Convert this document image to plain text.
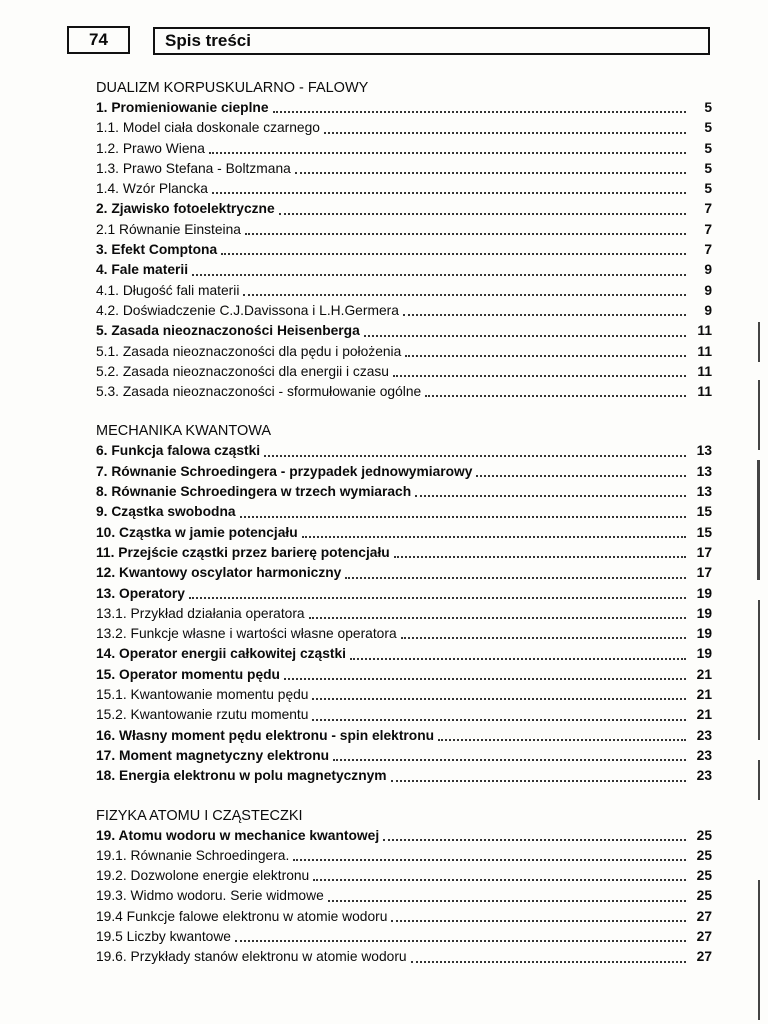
74	Spis treści
DUALIZM KORPUSKULARNO - FALOWY
1. Promieniowanie cieplne	5
1.1. Model ciała doskonale czarnego	5
1.2. Prawo Wiena	5
1.3. Prawo Stefana - Boltzmana	5
1.4. Wzór Plancka	5
2. Zjawisko fotoelektryczne	7
2.1 Równanie Einsteina	7
3. Efekt Comptona	7
4. Fale materii	9
4.1. Długość fali materii	9
4.2. Doświadczenie C.J.Davissona i L.H.Germera	9
5. Zasada nieoznaczoności Heisenberga	11
5.1. Zasada nieoznaczoności dla pędu i położenia	11
5.2. Zasada nieoznaczoności dla energii i czasu	11
5.3. Zasada nieoznaczoności - sformułowanie ogólne	11
MECHANIKA KWANTOWA
6. Funkcja falowa cząstki	13
7. Równanie Schroedingera - przypadek jednowymiarowy	13
8. Równanie Schroedingera w trzech wymiarach	13
9. Cząstka swobodna	15
10. Cząstka w jamie potencjału	15
11. Przejście cząstki przez barierę potencjału	17
12. Kwantowy oscylator harmoniczny	17
13. Operatory	19
13.1. Przykład działania operatora	19
13.2. Funkcje własne i wartości własne operatora	19
14. Operator energii całkowitej cząstki	19
15. Operator momentu pędu	21
15.1. Kwantowanie momentu pędu	21
15.2. Kwantowanie rzutu momentu	21
16. Własny moment pędu elektronu - spin elektronu	23
17. Moment magnetyczny elektronu	23
18. Energia elektronu w polu magnetycznym	23
FIZYKA ATOMU I CZĄSTECZKI
19. Atomu wodoru w mechanice kwantowej	25
19.1. Równanie Schroedingera.	25
19.2. Dozwolone energie elektronu	25
19.3. Widmo wodoru. Serie widmowe	25
19.4 Funkcje falowe elektronu w atomie wodoru	27
19.5 Liczby kwantowe	27
19.6. Przykłady stanów elektronu w atomie wodoru	27
